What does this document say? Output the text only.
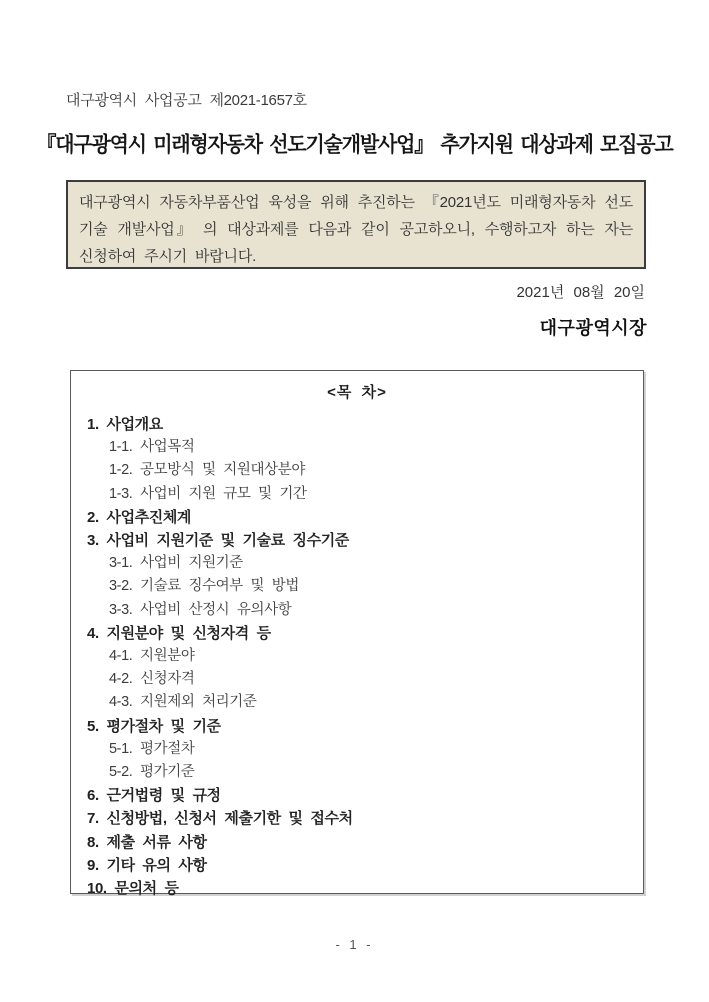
대구광역시 사업공고 제2021-1657호
『대구광역시 미래형자동차 선도기술개발사업』 추가지원 대상과제 모집공고
대구광역시 자동차부품산업 육성을 위해 추진하는 『2021년도 미래형자동차 선도기술 개발사업』 의 대상과제를 다음과 같이 공고하오니, 수행하고자 하는 자는 신청하여 주시기 바랍니다.
2021년 08월 20일
대구광역시장
<목 차>
1. 사업개요
1-1. 사업목적
1-2. 공모방식 및 지원대상분야
1-3. 사업비 지원 규모 및 기간
2. 사업추진체계
3. 사업비 지원기준 및 기술료 징수기준
3-1. 사업비 지원기준
3-2. 기술료 징수여부 및 방법
3-3. 사업비 산정시 유의사항
4. 지원분야 및 신청자격 등
4-1. 지원분야
4-2. 신청자격
4-3. 지원제외 처리기준
5. 평가절차 및 기준
5-1. 평가절차
5-2. 평가기준
6. 근거법령 및 규정
7. 신청방법, 신청서 제출기한 및 접수처
8. 제출 서류 사항
9. 기타 유의 사항
10. 문의처 등
- 1 -
